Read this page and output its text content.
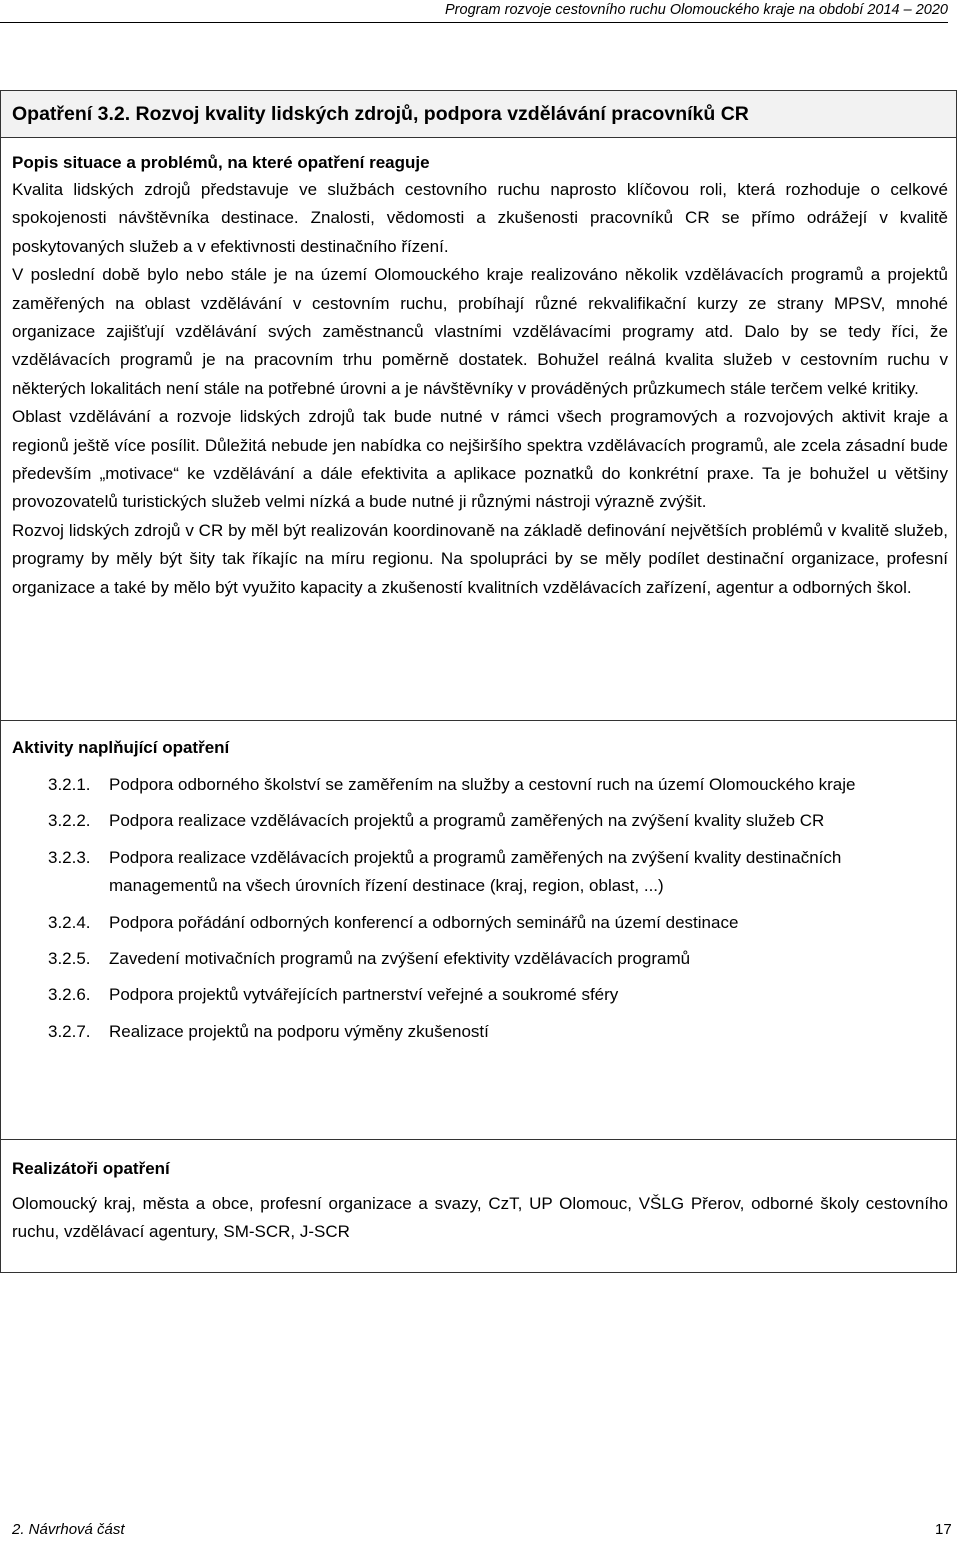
Program rozvoje cestovního ruchu Olomouckého kraje na období 2014 – 2020
Opatření 3.2. Rozvoj kvality lidských zdrojů, podpora vzdělávání pracovníků CR
Popis situace a problémů, na které opatření reaguje

Kvalita lidských zdrojů představuje ve službách cestovního ruchu naprosto klíčovou roli, která rozhoduje o celkové spokojenosti návštěvníka destinace. Znalosti, vědomosti a zkušenosti pracovníků CR se přímo odrážejí v kvalitě poskytovaných služeb a v efektivnosti destinačního řízení.

V poslední době bylo nebo stále je na území Olomouckého kraje realizováno několik vzdělávacích programů a projektů zaměřených na oblast vzdělávání v cestovním ruchu, probíhají různé rekvalifikační kurzy ze strany MPSV, mnohé organizace zajišťují vzdělávání svých zaměstnanců vlastními vzdělávacími programy atd. Dalo by se tedy říci, že vzdělávacích programů je na pracovním trhu poměrně dostatek. Bohužel reálná kvalita služeb v cestovním ruchu v některých lokalitách není stále na potřebné úrovni a je návštěvníky v prováděných průzkumech stále terčem velké kritiky.

Oblast vzdělávání a rozvoje lidských zdrojů tak bude nutné v rámci všech programových a rozvojových aktivit kraje a regionů ještě více posílit. Důležitá nebude jen nabídka co nejširšího spektra vzdělávacích programů, ale zcela zásadní bude především „motivace“ ke vzdělávání a dále efektivita a aplikace poznatků do konkrétní praxe. Ta je bohužel u většiny provozovatelů turistických služeb velmi nízká a bude nutné ji různými nástroji výrazně zvýšit.

Rozvoj lidských zdrojů v CR by měl být realizován koordinovaně na základě definování největších problémů v kvalitě služeb, programy by měly být šity tak říkajíc na míru regionu. Na spolupráci by se měly podílet destinační organizace, profesní organizace a také by mělo být využito kapacity a zkušeností kvalitních vzdělávacích zařízení, agentur a odborných škol.

Aktivity naplňující opatření
3.2.1.	Podpora odborného školství se zaměřením na služby a cestovní ruch na území Olomouckého kraje
3.2.2.	Podpora realizace vzdělávacích projektů a programů zaměřených na zvýšení kvality služeb CR
3.2.3.	Podpora realizace vzdělávacích projektů a programů zaměřených na zvýšení kvality destinačních managementů na všech úrovních řízení destinace (kraj, region, oblast, ...)
3.2.4.	Podpora pořádání odborných konferencí a odborných seminářů na území destinace
3.2.5.	Zavedení motivačních programů na zvýšení efektivity vzdělávacích programů
3.2.6.	Podpora projektů vytvářejících partnerství veřejné a soukromé sféry
3.2.7.	Realizace projektů na podporu výměny zkušeností
Realizátoři opatření

Olomoucký kraj, města a obce, profesní organizace a svazy, CzT, UP Olomouc, VŠLG Přerov, odborné školy cestovního ruchu, vzdělávací agentury, SM-SCR, J-SCR

2. Návrhová část	17
